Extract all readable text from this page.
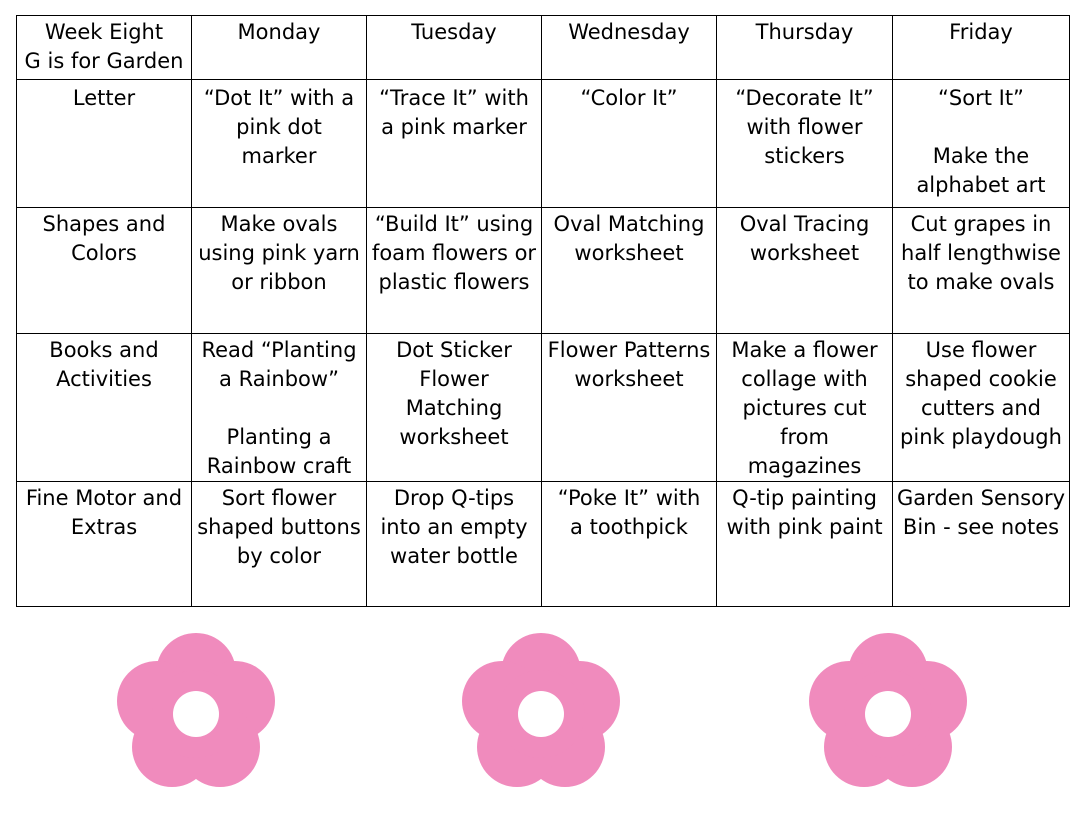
Week Eight
G is for Garden	Monday	Tuesday	Wednesday	Thursday	Friday
Letter	“Dot It” with a
pink dot
marker	“Trace It” with
a pink marker	“Color It”	“Decorate It”
with flower
stickers	“Sort It”

Make the
alphabet art
Shapes and
Colors	Make ovals
using pink yarn
or ribbon	“Build It” using
foam flowers or
plastic flowers	Oval Matching
worksheet	Oval Tracing
worksheet	Cut grapes in
half lengthwise
to make ovals
Books and
Activities	Read “Planting
a Rainbow”

Planting a
Rainbow craft	Dot Sticker
Flower
Matching
worksheet	Flower Patterns
worksheet	Make a flower
collage with
pictures cut
from
magazines	Use flower
shaped cookie
cutters and
pink playdough
Fine Motor and
Extras	Sort flower
shaped buttons
by color	Drop Q-tips
into an empty
water bottle	“Poke It” with
a toothpick	Q-tip painting
with pink paint	Garden Sensory
Bin - see notes
